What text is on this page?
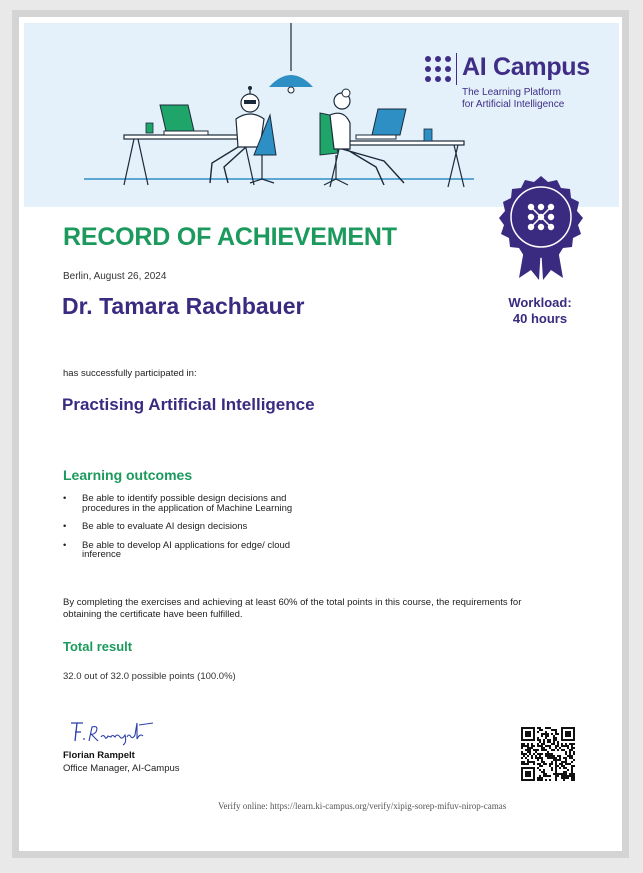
AI Campus
The Learning Platform
for Artificial Intelligence
RECORD OF ACHIEVEMENT
Berlin, August 26, 2024
Dr. Tamara Rachbauer	Workload:
40 hours
has successfully participated in:
Practising Artificial Intelligence
Learning outcomes
• Be able to identify possible design decisions and procedures in the application of Machine Learning
• Be able to evaluate AI design decisions
• Be able to develop AI applications for edge/ cloud inference
By completing the exercises and achieving at least 60% of the total points in this course, the requirements for obtaining the certificate have been fulfilled.
Total result
32.0 out of 32.0 possible points (100.0%)
Florian Rampelt
Office Manager, AI-Campus
Verify online: https://learn.ki-campus.org/verify/xipig-sorep-mifuv-nirop-camas
